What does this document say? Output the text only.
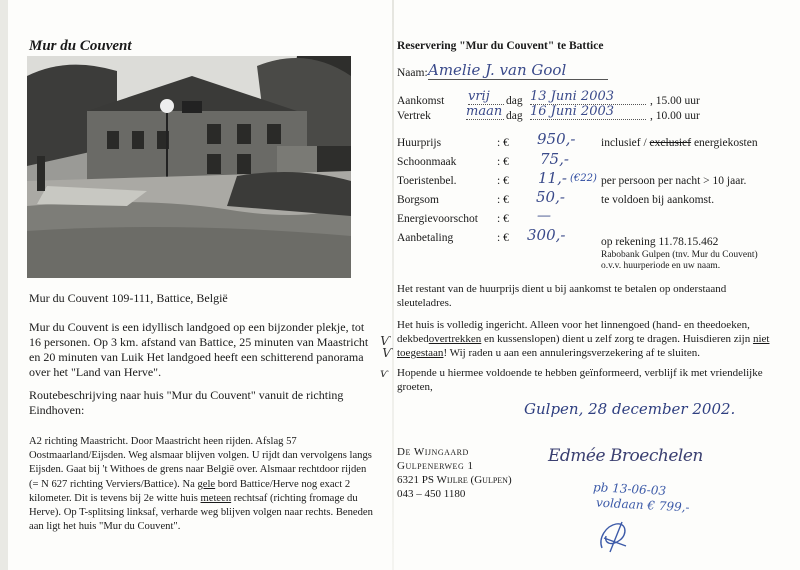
Mur du Couvent
Mur du Couvent 109-111, Battice, België
Mur du Couvent is een idyllisch landgoed op een bijzonder plekje, tot 16 personen. Op 3 km. afstand van Battice, 25 minuten van Maastricht en 20 minuten van Luik Het landgoed heeft een schitterend panorama over het "Land van Herve".
Routebeschrijving naar huis "Mur du Couvent" vanuit de richting Eindhoven:
A2 richting Maastricht. Door Maastricht heen rijden. Afslag 57 Oostmaarland/Eijsden. Weg alsmaar blijven volgen. U rijdt dan vervolgens langs Eijsden. Gaat bij 't Withoes de grens naar België over. Alsmaar rechtdoor rijden (= N 627 richting Verviers/Battice). Na gele bord Battice/Herve nog exact 2 kilometer. Dit is tevens bij 2e witte huis meteen rechtsaf (richting fromage du Herve). Op T-splitsing linksaf, verharde weg blijven volgen naar rechts. Beneden aan ligt het huis "Mur du Couvent".
Reservering "Mur du Couvent" te Battice
Naam: Amelie J. van Gool
Aankomst vrij	dag 13 Juni 2003	, 15.00 uur
Vertrek	maan dag 16 Juni 2003	, 10.00 uur
Huurprijs	: € 950,- inclusief / exclusief energiekosten
Schoonmaak	: € 75,-
Toeristenbel.	: € 11,- (€22) per persoon per nacht > 10 jaar.
Borgsom	: € 50,-	te voldoen bij aankomst.
Energievoorschot : € —
Aanbetaling	: € 300,-	op rekening 11.78.15.462
Rabobank Gulpen (tnv. Mur du Couvent)
o.v.v. huurperiode en uw naam.
Het restant van de huurprijs dient u bij aankomst te betalen op onderstaand sleuteladres.
Het huis is volledig ingericht. Alleen voor het linnengoed (hand- en theedoeken, dekbedovertrekken en kussenslopen) dient u zelf zorg te dragen. Huisdieren zijn niet toegestaan! Wij raden u aan een annuleringsverzekering af te sluiten.
Ѵ
Ѵ
ѵ Hopende u hiermee voldoende te hebben geïnformeerd, verblijf ik met vriendelijke groeten,
Gulpen, 28 december 2002.
De Wijngaard
Gulpenerweg 1
6321 PS Wijlre (Gulpen)
043 – 450 1180
Edmée Broechelen
pb 13-06-03
voldaan € 799,-
